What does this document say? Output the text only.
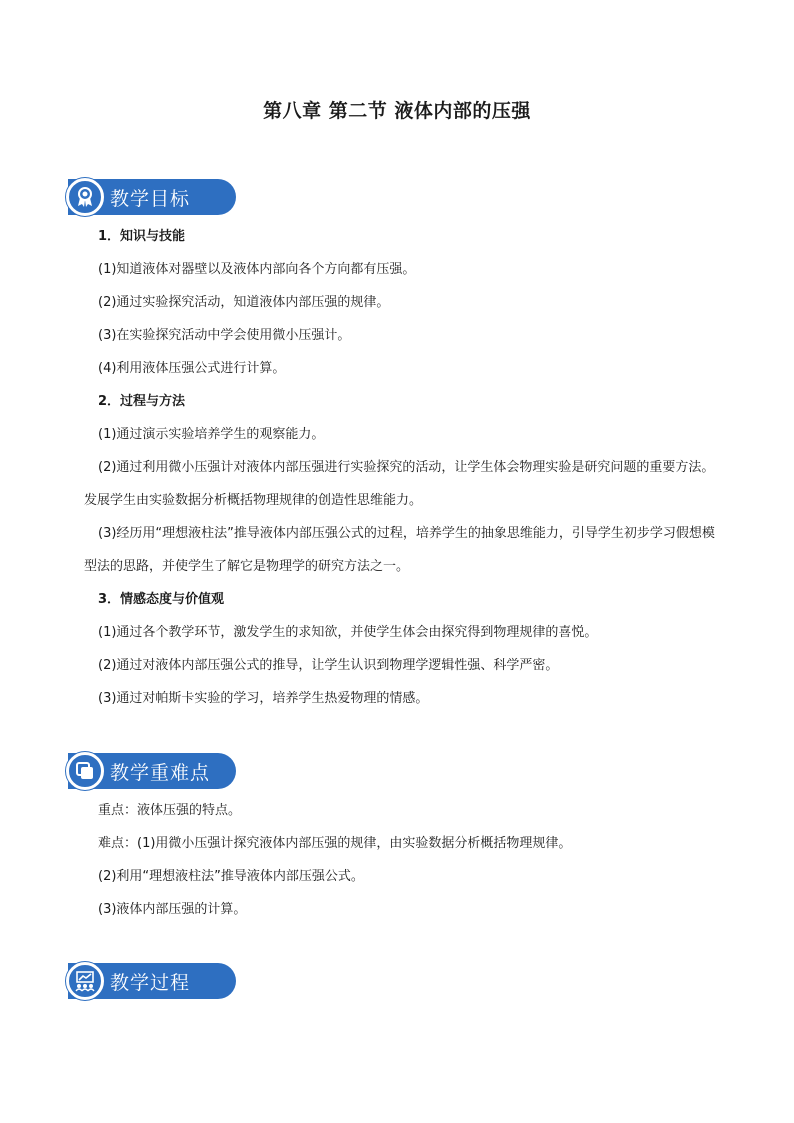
第八章 第二节 液体内部的压强
教学目标

1．知识与技能

(1)知道液体对器壁以及液体内部向各个方向都有压强。

(2)通过实验探究活动，知道液体内部压强的规律。

(3)在实验探究活动中学会使用微小压强计。

(4)利用液体压强公式进行计算。

2．过程与方法

(1)通过演示实验培养学生的观察能力。

(2)通过利用微小压强计对液体内部压强进行实验探究的活动，让学生体会物理实验是研究问题的重要方法。发展学生由实验数据分析概括物理规律的创造性思维能力。

(3)经历用“理想液柱法”推导液体内部压强公式的过程，培养学生的抽象思维能力，引导学生初步学习假想模型法的思路，并使学生了解它是物理学的研究方法之一。

3．情感态度与价值观

(1)通过各个教学环节，激发学生的求知欲，并使学生体会由探究得到物理规律的喜悦。

(2)通过对液体内部压强公式的推导，让学生认识到物理学逻辑性强、科学严密。

(3)通过对帕斯卡实验的学习，培养学生热爱物理的情感。

教学重难点

重点：液体压强的特点。

难点：(1)用微小压强计探究液体内部压强的规律，由实验数据分析概括物理规律。

(2)利用“理想液柱法”推导液体内部压强公式。

(3)液体内部压强的计算。

教学过程
